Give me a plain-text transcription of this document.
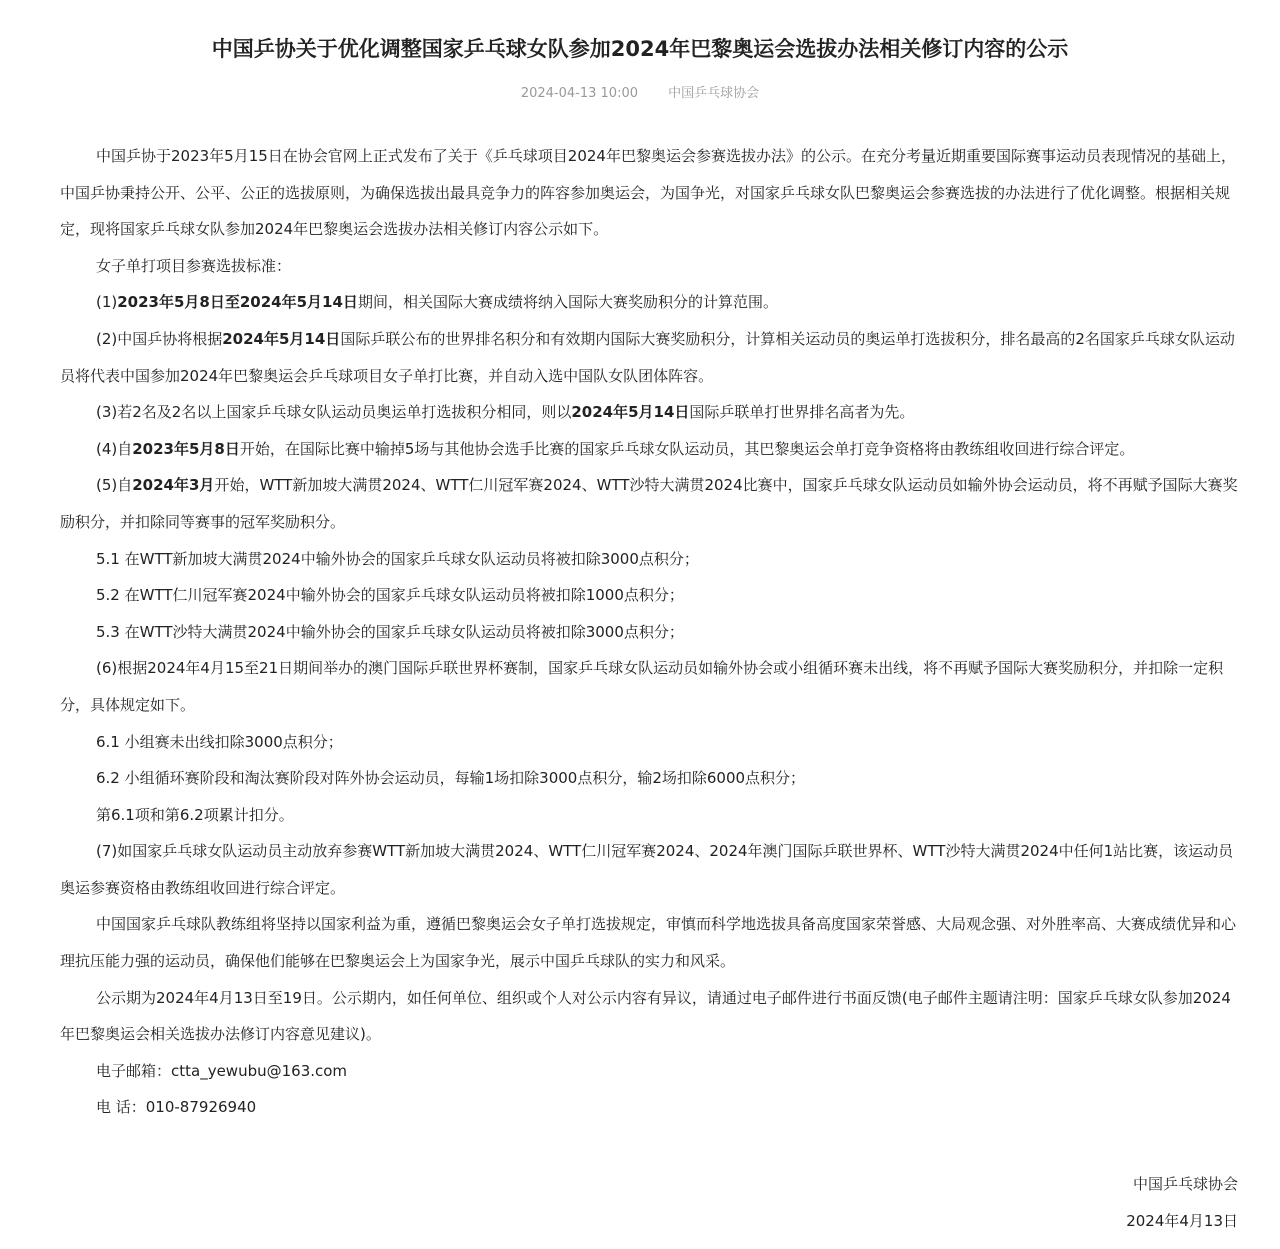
中国乒协关于优化调整国家乒乓球女队参加2024年巴黎奥运会选拔办法相关修订内容的公示
2024-04-13 10:00 中国乒乓球协会

中国乒协于2023年5月15日在协会官网上正式发布了关于《乒乓球项目2024年巴黎奥运会参赛选拔办法》的公示。在充分考量近期重要国际赛事运动员表现情况的基础上，中国乒协秉持公开、公平、公正的选拔原则，为确保选拔出最具竞争力的阵容参加奥运会，为国争光，对国家乒乓球女队巴黎奥运会参赛选拔的办法进行了优化调整。根据相关规定，现将国家乒乓球女队参加2024年巴黎奥运会选拔办法相关修订内容公示如下。

女子单打项目参赛选拔标准：

(1)2023年5月8日至2024年5月14日期间，相关国际大赛成绩将纳入国际大赛奖励积分的计算范围。

(2)中国乒协将根据2024年5月14日国际乒联公布的世界排名积分和有效期内国际大赛奖励积分，计算相关运动员的奥运单打选拔积分，排名最高的2名国家乒乓球女队运动员将代表中国参加2024年巴黎奥运会乒乓球项目女子单打比赛，并自动入选中国队女队团体阵容。

(3)若2名及2名以上国家乒乓球女队运动员奥运单打选拔积分相同，则以2024年5月14日国际乒联单打世界排名高者为先。

(4)自2023年5月8日开始，在国际比赛中输掉5场与其他协会选手比赛的国家乒乓球女队运动员，其巴黎奥运会单打竞争资格将由教练组收回进行综合评定。

(5)自2024年3月开始，WTT新加坡大满贯2024、WTT仁川冠军赛2024、WTT沙特大满贯2024比赛中，国家乒乓球女队运动员如输外协会运动员，将不再赋予国际大赛奖励积分，并扣除同等赛事的冠军奖励积分。

5.1 在WTT新加坡大满贯2024中输外协会的国家乒乓球女队运动员将被扣除3000点积分；

5.2 在WTT仁川冠军赛2024中输外协会的国家乒乓球女队运动员将被扣除1000点积分；

5.3 在WTT沙特大满贯2024中输外协会的国家乒乓球女队运动员将被扣除3000点积分；

(6)根据2024年4月15至21日期间举办的澳门国际乒联世界杯赛制，国家乒乓球女队运动员如输外协会或小组循环赛未出线，将不再赋予国际大赛奖励积分，并扣除一定积分，具体规定如下。

6.1 小组赛未出线扣除3000点积分；

6.2 小组循环赛阶段和淘汰赛阶段对阵外协会运动员，每输1场扣除3000点积分，输2场扣除6000点积分；

第6.1项和第6.2项累计扣分。

(7)如国家乒乓球女队运动员主动放弃参赛WTT新加坡大满贯2024、WTT仁川冠军赛2024、2024年澳门国际乒联世界杯、WTT沙特大满贯2024中任何1站比赛，该运动员奥运参赛资格由教练组收回进行综合评定。

中国国家乒乓球队教练组将坚持以国家利益为重，遵循巴黎奥运会女子单打选拔规定，审慎而科学地选拔具备高度国家荣誉感、大局观念强、对外胜率高、大赛成绩优异和心理抗压能力强的运动员，确保他们能够在巴黎奥运会上为国家争光，展示中国乒乓球队的实力和风采。

公示期为2024年4月13日至19日。公示期内，如任何单位、组织或个人对公示内容有异议，请通过电子邮件进行书面反馈(电子邮件主题请注明：国家乒乓球女队参加2024年巴黎奥运会相关选拔办法修订内容意见建议)。

电子邮箱：ctta_yewubu@163.com

电 话：010-87926940

中国乒乓球协会
2024年4月13日
